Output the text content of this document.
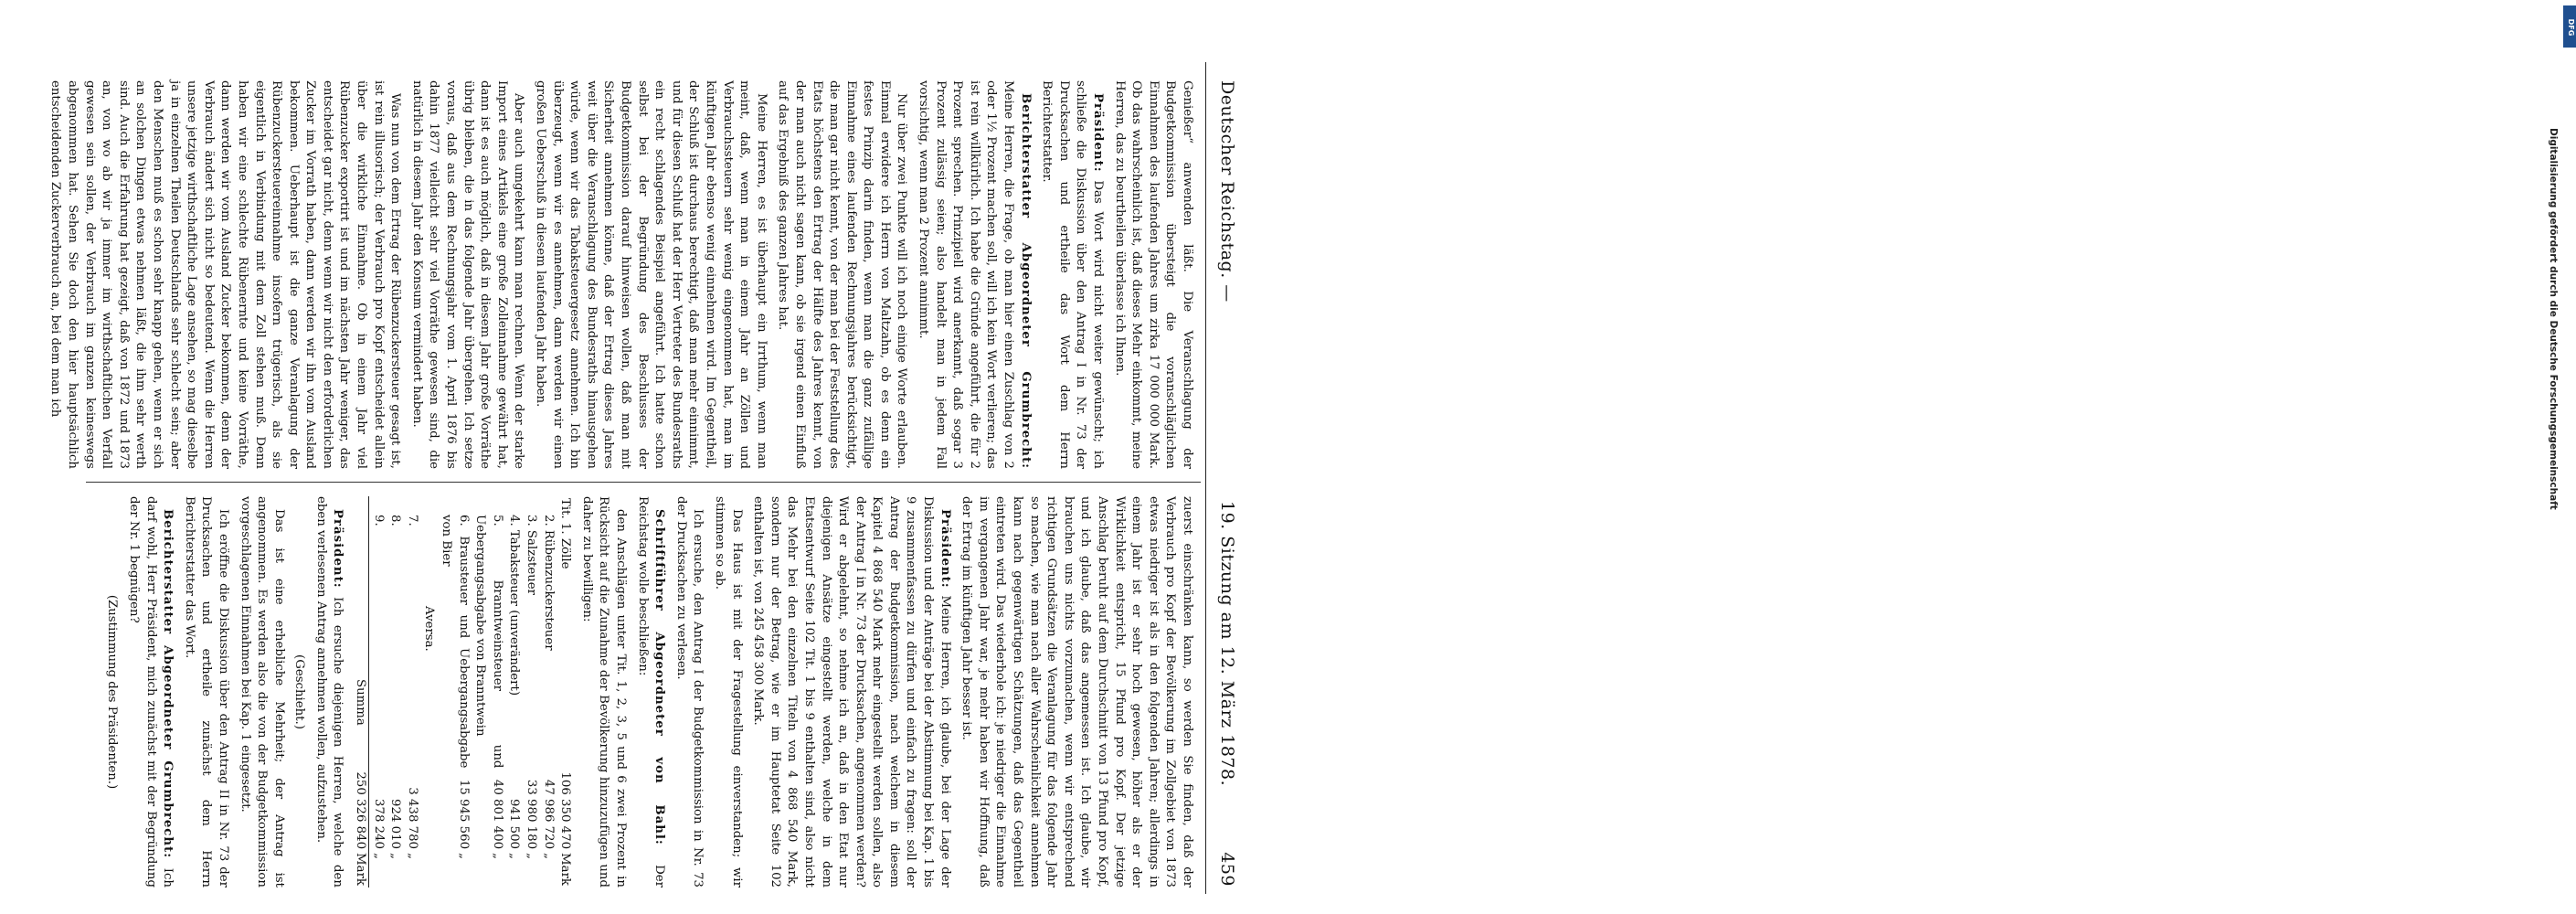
Deutscher Reichstag. —
19. Sitzung am 12. März 1878.
459

Genießer“ anwenden läßt. Die Veranschlagung der Budgetkommission übersteigt die voranschläglichen Einnahmen des laufenden Jahres um zirka 17 000 000 Mark. Ob das wahrscheinlich ist, daß dieses Mehr einkommt, meine Herren, das zu beurtheilen überlasse ich Ihnen.

Präsident: Das Wort wird nicht weiter gewünscht; ich schließe die Diskussion über den Antrag I in Nr. 73 der Drucksachen und ertheile das Wort dem Herrn Berichterstatter.

Berichterstatter Abgeordneter Grumbrecht: Meine Herren, die Frage, ob man hier einen Zuschlag von 2 oder 1½ Prozent machen soll, will ich kein Wort verlieren; das ist rein willkürlich. Ich habe die Gründe angeführt, die für 2 Prozent sprechen. Prinzipiell wird anerkannt, daß sogar 3 Prozent zulässig seien; also handelt man in jedem Fall vorsichtig, wenn man 2 Prozent annimmt.

Nur über zwei Punkte will ich noch einige Worte erlauben. Einmal erwidere ich Herrn von Maltzahn, ob es denn ein festes Prinzip darin finden, wenn man die ganz zufällige Einnahme eines laufenden Rechnungsjahres berücksichtigt, die man gar nicht kennt, von der man bei der Feststellung des Etats höchstens den Ertrag der Hälfte des Jahres kennt, von der man auch nicht sagen kann, ob sie irgend einen Einfluß auf das Ergebniß des ganzen Jahres hat.

Meine Herren, es ist überhaupt ein Irrthum, wenn man meint, daß, wenn man in einem Jahr an Zöllen und Verbrauchssteuern sehr wenig eingenommen hat, man im künftigen Jahr ebenso wenig einnehmen wird. Im Gegentheil, der Schluß ist durchaus berechtigt, daß man mehr einnimmt, und für diesen Schluß hat der Herr Vertreter des Bundesraths ein recht schlagendes Beispiel angeführt. Ich hatte schon selbst bei der Begründung des Beschlusses der Budgetkommission darauf hinweisen wollen, daß man mit Sicherheit annehmen könne, daß der Ertrag dieses Jahres weit über die Veranschlagung des Bundesraths hinausgehen würde, wenn wir das Tabaksteuergesetz annehmen. Ich bin überzeugt, wenn wir es annehmen, dann werden wir einen großen Ueberschuß in diesem laufenden Jahr haben.

Aber auch umgekehrt kann man rechnen. Wenn der starke Import eines Artikels eine große Zolleinnahme gewährt hat, dann ist es auch möglich, daß in diesem Jahr große Vorräthe übrig bleiben, die in das folgende Jahr übergehen. Ich setze voraus, daß aus dem Rechnungsjahr vom 1. April 1876 bis dahin 1877 vielleicht sehr viel Vorräthe gewesen sind, die natürlich in diesem Jahr den Konsum vermindert haben.

Was nun von dem Ertrag der Rübenzuckersteuer gesagt ist, ist rein illusorisch; der Verbrauch pro Kopf entscheidet allein über die wirkliche Einnahme. Ob in einem Jahr viel Rübenzucker exportirt ist und im nächsten Jahr weniger, das entscheidet gar nicht, denn wenn wir nicht den erforderlichen Zucker im Vorrath haben, dann werden wir ihn vom Ausland bekommen. Ueberhaupt ist die ganze Veranlagung der Rübenzuckersteuereinnahme insofern trügerisch, als sie eigentlich in Verbindung mit dem Zoll stehen muß. Denn haben wir eine schlechte Rübenernte und keine Vorräthe, dann werden wir vom Ausland Zucker bekommen, denn der Verbrauch ändert sich nicht so bedeutend. Wenn die Herren unsere jetzige wirthschaftliche Lage ansehen, so mag dieselbe ja in einzelnen Theilen Deutschlands sehr schlecht sein; aber den Menschen muß es schon sehr knapp gehen, wenn er sich an solchen Dingen etwas nehmen läßt, die ihm sehr werth sind. Auch die Erfahrung hat gezeigt, daß von 1872 und 1873 an, von wo ab wir ja immer im wirthschaftlichen Verfall gewesen sein sollen, der Verbrauch im ganzen keineswegs abgenommen hat. Sehen Sie doch den hier hauptsächlich entscheidenden Zuckerverbrauch an, bei dem man ich

zuerst einschränken kann, so werden Sie finden, daß der Verbrauch pro Kopf der Bevölkerung im Zollgebiet von 1873 etwas niedriger ist als in den folgenden Jahren; allerdings in einem Jahr ist er sehr hoch gewesen, höher als er der Wirklichkeit entspricht, 15 Pfund pro Kopf. Der jetzige Anschlag beruht auf dem Durchschnitt von 13 Pfund pro Kopf, und ich glaube, daß das angemessen ist. Ich glaube, wir brauchen uns nichts vorzumachen, wenn wir entsprechend richtigen Grundsätzen die Veranlagung für das folgende Jahr so machen, wie man nach aller Wahrscheinlichkeit annehmen kann nach gegenwärtigen Schätzungen, daß das Gegentheil eintreten wird. Das wiederhole ich: je niedriger die Einnahme im vergangenen Jahr war, je mehr haben wir Hoffnung, daß der Ertrag im künftigen Jahr besser ist.

Präsident: Meine Herren, ich glaube, bei der Lage der Diskussion und der Anträge bei der Abstimmung bei Kap. 1 bis 9 zusammenfassen zu dürfen und einfach zu fragen: soll der Antrag der Budgetkommission, nach welchem in diesem Kapitel 4 868 540 Mark mehr eingestellt werden sollen, also der Antrag I in Nr. 73 der Drucksachen, angenommen werden? Wird er abgelehnt, so nehme ich an, daß in den Etat nur diejenigen Ansätze eingestellt werden, welche in dem Etatsentwurf Seite 102 Tit. 1 bis 9 enthalten sind, also nicht das Mehr bei den einzelnen Titeln von 4 868 540 Mark, sondern nur der Betrag, wie er im Hauptetat Seite 102 enthalten ist, von 245 458 300 Mark.

Das Haus ist mit der Fragestellung einverstanden; wir stimmen so ab.

Ich ersuche, den Antrag I der Budgetkommission in Nr. 73 der Drucksachen zu verlesen.

Schriftführer Abgeordneter von Bahl: Der Reichstag wolle beschließen:

den Anschlägen unter Tit. 1, 2, 3, 5 und 6 zwei Prozent in Rücksicht auf die Zunahme der Bevölkerung hinzuzufügen und daher zu bewilligen:

Tit. 1. Zölle	106 350 470	Mark
2. Rübenzuckersteuer	47 986 720	„
3. Salzsteuer	33 980 180	„
4. Tabaksteuer (unverändert)	941 500	„
5. Branntweinsteuer und Uebergangsabgabe von Branntwein	40 801 400	„
6. Brausteuer und Uebergangsabgabe von Bier	15 945 560	„
Aversa.		
7.	3 438 780	„
8.	924 010	„
9.	378 240	„
Summa	250 326 840	Mark

Präsident: Ich ersuche diejenigen Herren, welche den eben verlesenen Antrag annehmen wollen, aufzustehen.

(Geschieht.)

Das ist eine erhebliche Mehrheit; der Antrag ist angenommen. Es werden also die von der Budgetkommission vorgeschlagenen Einnahmen bei Kap. 1 eingesetzt.

Ich eröffne die Diskussion über den Antrag II in Nr. 73 der Drucksachen und ertheile zunächst dem Herrn Berichterstatter das Wort.

Berichterstatter Abgeordneter Grumbrecht: Ich darf wohl, Herr Präsident, mich zunächst mit der Begründung der Nr. 1 begnügen?

(Zustimmung des Präsidenten.)

DFG
Digitalisierung gefördert durch die Deutsche Forschungsgemeinschaft
